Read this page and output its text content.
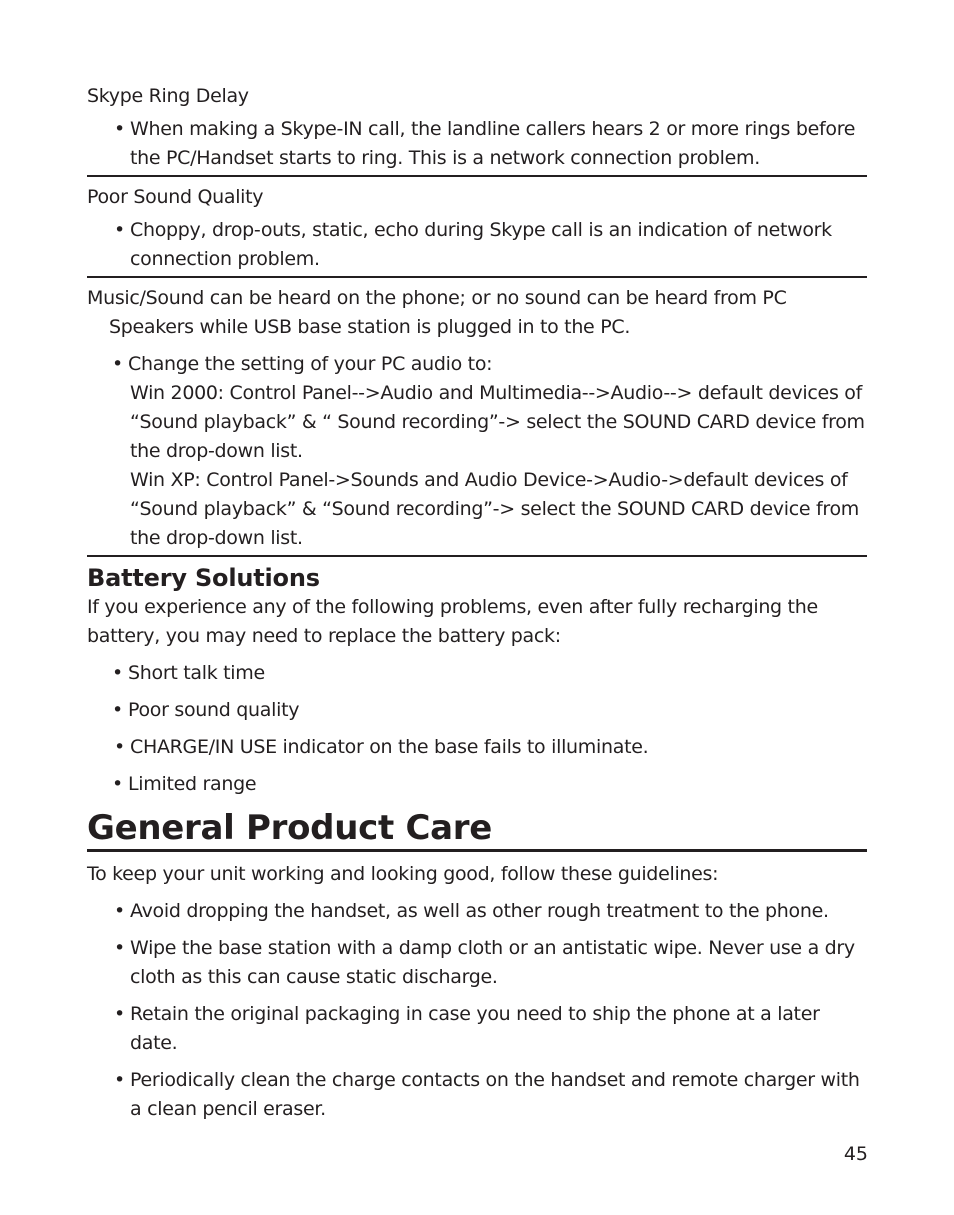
Skype Ring Delay
• When making a Skype-IN call, the landline callers hears 2 or more rings before the PC/Handset starts to ring. This is a network connection problem.
Poor Sound Quality
• Choppy, drop-outs, static, echo during Skype call is an indication of network connection problem.
Music/Sound can be heard on the phone; or no sound can be heard from PC Speakers while USB base station is plugged in to the PC.
• Change the setting of your PC audio to:
Win 2000: Control Panel-->Audio and Multimedia-->Audio--> default devices of “Sound playback” & “ Sound recording”-> select the SOUND CARD device from the drop-down list.
Win XP: Control Panel->Sounds and Audio Device->Audio->default devices of “Sound playback” & “Sound recording”-> select the SOUND CARD device from the drop-down list.
Battery Solutions
If you experience any of the following problems, even after fully recharging the battery, you may need to replace the battery pack:
• Short talk time
• Poor sound quality
• CHARGE/IN USE indicator on the base fails to illuminate.
• Limited range
General Product Care
To keep your unit working and looking good, follow these guidelines:
• Avoid dropping the handset, as well as other rough treatment to the phone.
• Wipe the base station with a damp cloth or an antistatic wipe. Never use a dry cloth as this can cause static discharge.
• Retain the original packaging in case you need to ship the phone at a later date.
• Periodically clean the charge contacts on the handset and remote charger with a clean pencil eraser.
45
